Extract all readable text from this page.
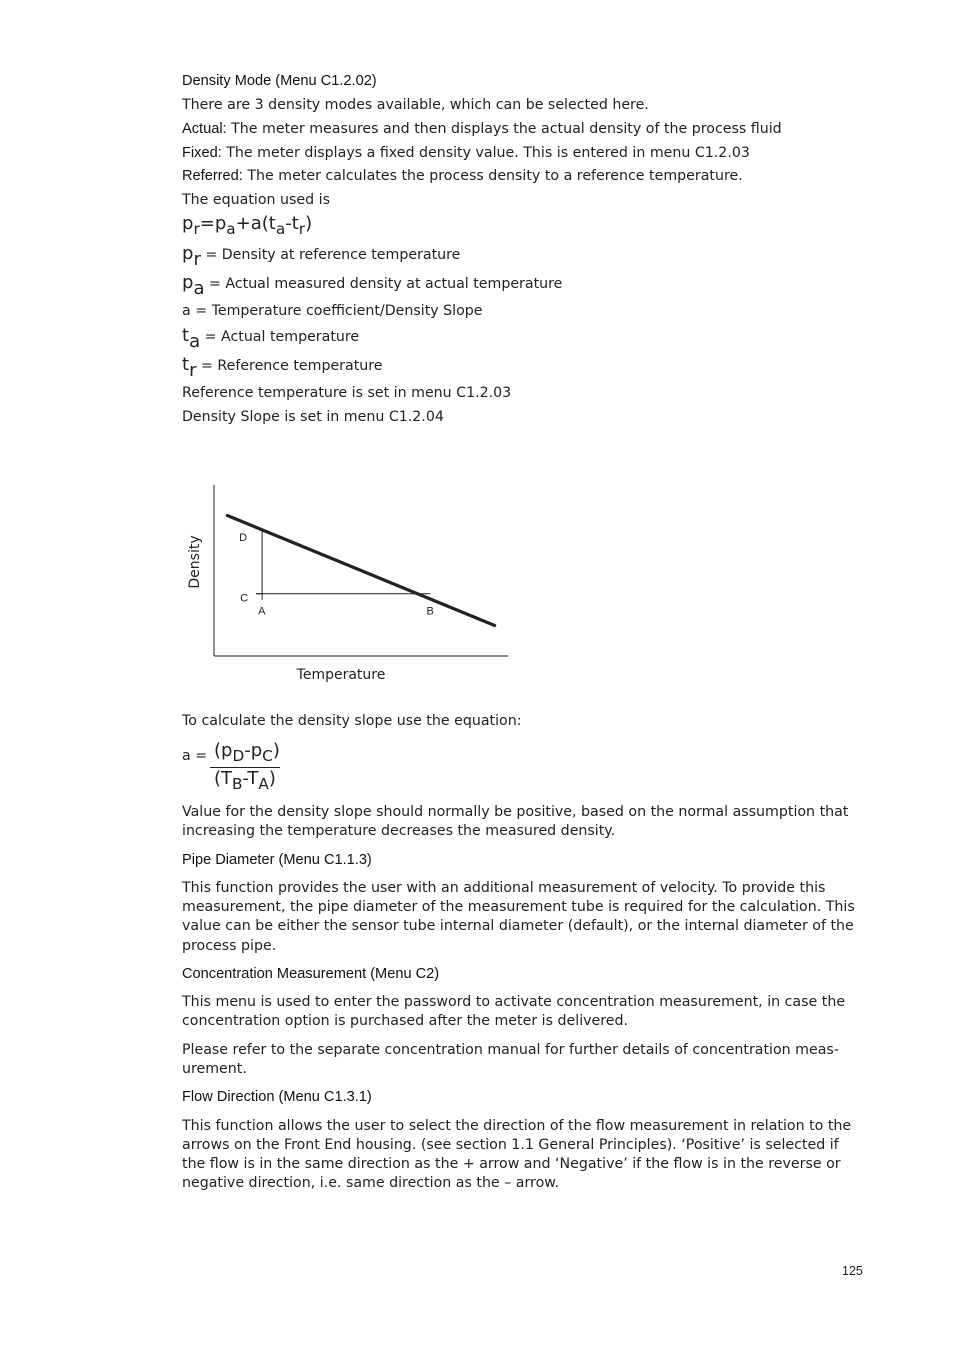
Density Mode (Menu C1.2.02)
There are 3 density modes available, which can be selected here.
Actual: The meter measures and then displays the actual density of the process fluid
Fixed: The meter displays a fixed density value. This is entered in menu C1.2.03
Referred: The meter calculates the process density to a reference temperature.
The equation used is
pr=pa+a(ta-tr)
pr = Density at reference temperature
pa = Actual measured density at actual temperature
a = Temperature coefficient/Density Slope
ta = Actual temperature
tr = Reference temperature
Reference temperature is set in menu C1.2.03
Density Slope is set in menu C1.2.04
D
C
A	B
Density
Temperature
To calculate the density slope use the equation:
a = (pD-pC)
(TB-TA)
Value for the density slope should normally be positive, based on the normal assumption that
increasing the temperature decreases the measured density.
Pipe Diameter (Menu C1.1.3)
This function provides the user with an additional measurement of velocity. To provide this
measurement, the pipe diameter of the measurement tube is required for the calculation. This
value can be either the sensor tube internal diameter (default), or the internal diameter of the
process pipe.
Concentration Measurement (Menu C2)
This menu is used to enter the password to activate concentration measurement, in case the
concentration option is purchased after the meter is delivered.
Please refer to the separate concentration manual for further details of concentration meas-
urement.
Flow Direction (Menu C1.3.1)
This function allows the user to select the direction of the flow measurement in relation to the
arrows on the Front End housing. (see section 1.1 General Principles). ‘Positive’ is selected if
the flow is in the same direction as the + arrow and ‘Negative’ if the flow is in the reverse or
negative direction, i.e. same direction as the – arrow.
125
